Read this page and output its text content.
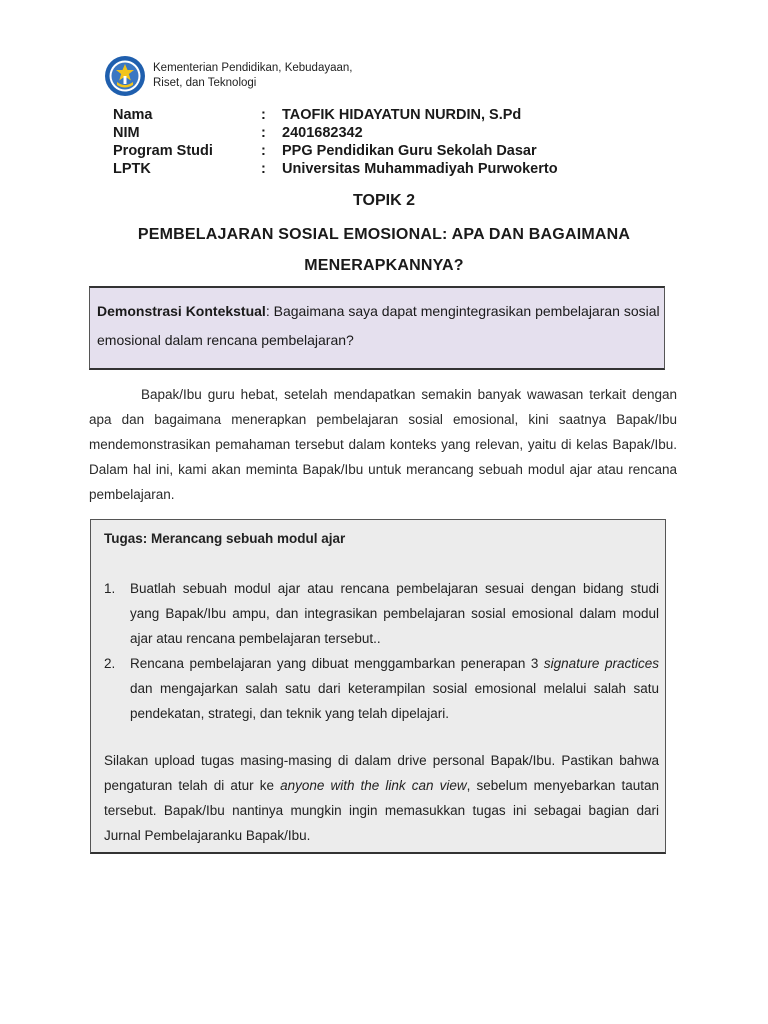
Kementerian Pendidikan, Kebudayaan,
Riset, dan Teknologi
Nama	:	TAOFIK HIDAYATUN NURDIN, S.Pd
NIM	:	2401682342
Program Studi	:	PPG Pendidikan Guru Sekolah Dasar
LPTK	:	Universitas Muhammadiyah Purwokerto
TOPIK 2
PEMBELAJARAN SOSIAL EMOSIONAL: APA DAN BAGAIMANA MENERAPKANNYA?
Demonstrasi Kontekstual: Bagaimana saya dapat mengintegrasikan pembelajaran sosial emosional dalam rencana pembelajaran?
Bapak/Ibu guru hebat, setelah mendapatkan semakin banyak wawasan terkait dengan apa dan bagaimana menerapkan pembelajaran sosial emosional, kini saatnya Bapak/Ibu mendemonstrasikan pemahaman tersebut dalam konteks yang relevan, yaitu di kelas Bapak/Ibu. Dalam hal ini, kami akan meminta Bapak/Ibu untuk merancang sebuah modul ajar atau rencana pembelajaran.
Tugas: Merancang sebuah modul ajar
1.	Buatlah sebuah modul ajar atau rencana pembelajaran sesuai dengan bidang studi yang Bapak/Ibu ampu, dan integrasikan pembelajaran sosial emosional dalam modul ajar atau rencana pembelajaran tersebut..
2.	Rencana pembelajaran yang dibuat menggambarkan penerapan 3 signature practices dan mengajarkan salah satu dari keterampilan sosial emosional melalui salah satu pendekatan, strategi, dan teknik yang telah dipelajari.
Silakan upload tugas masing-masing di dalam drive personal Bapak/Ibu. Pastikan bahwa pengaturan telah di atur ke anyone with the link can view, sebelum menyebarkan tautan tersebut. Bapak/Ibu nantinya mungkin ingin memasukkan tugas ini sebagai bagian dari Jurnal Pembelajaranku Bapak/Ibu.
